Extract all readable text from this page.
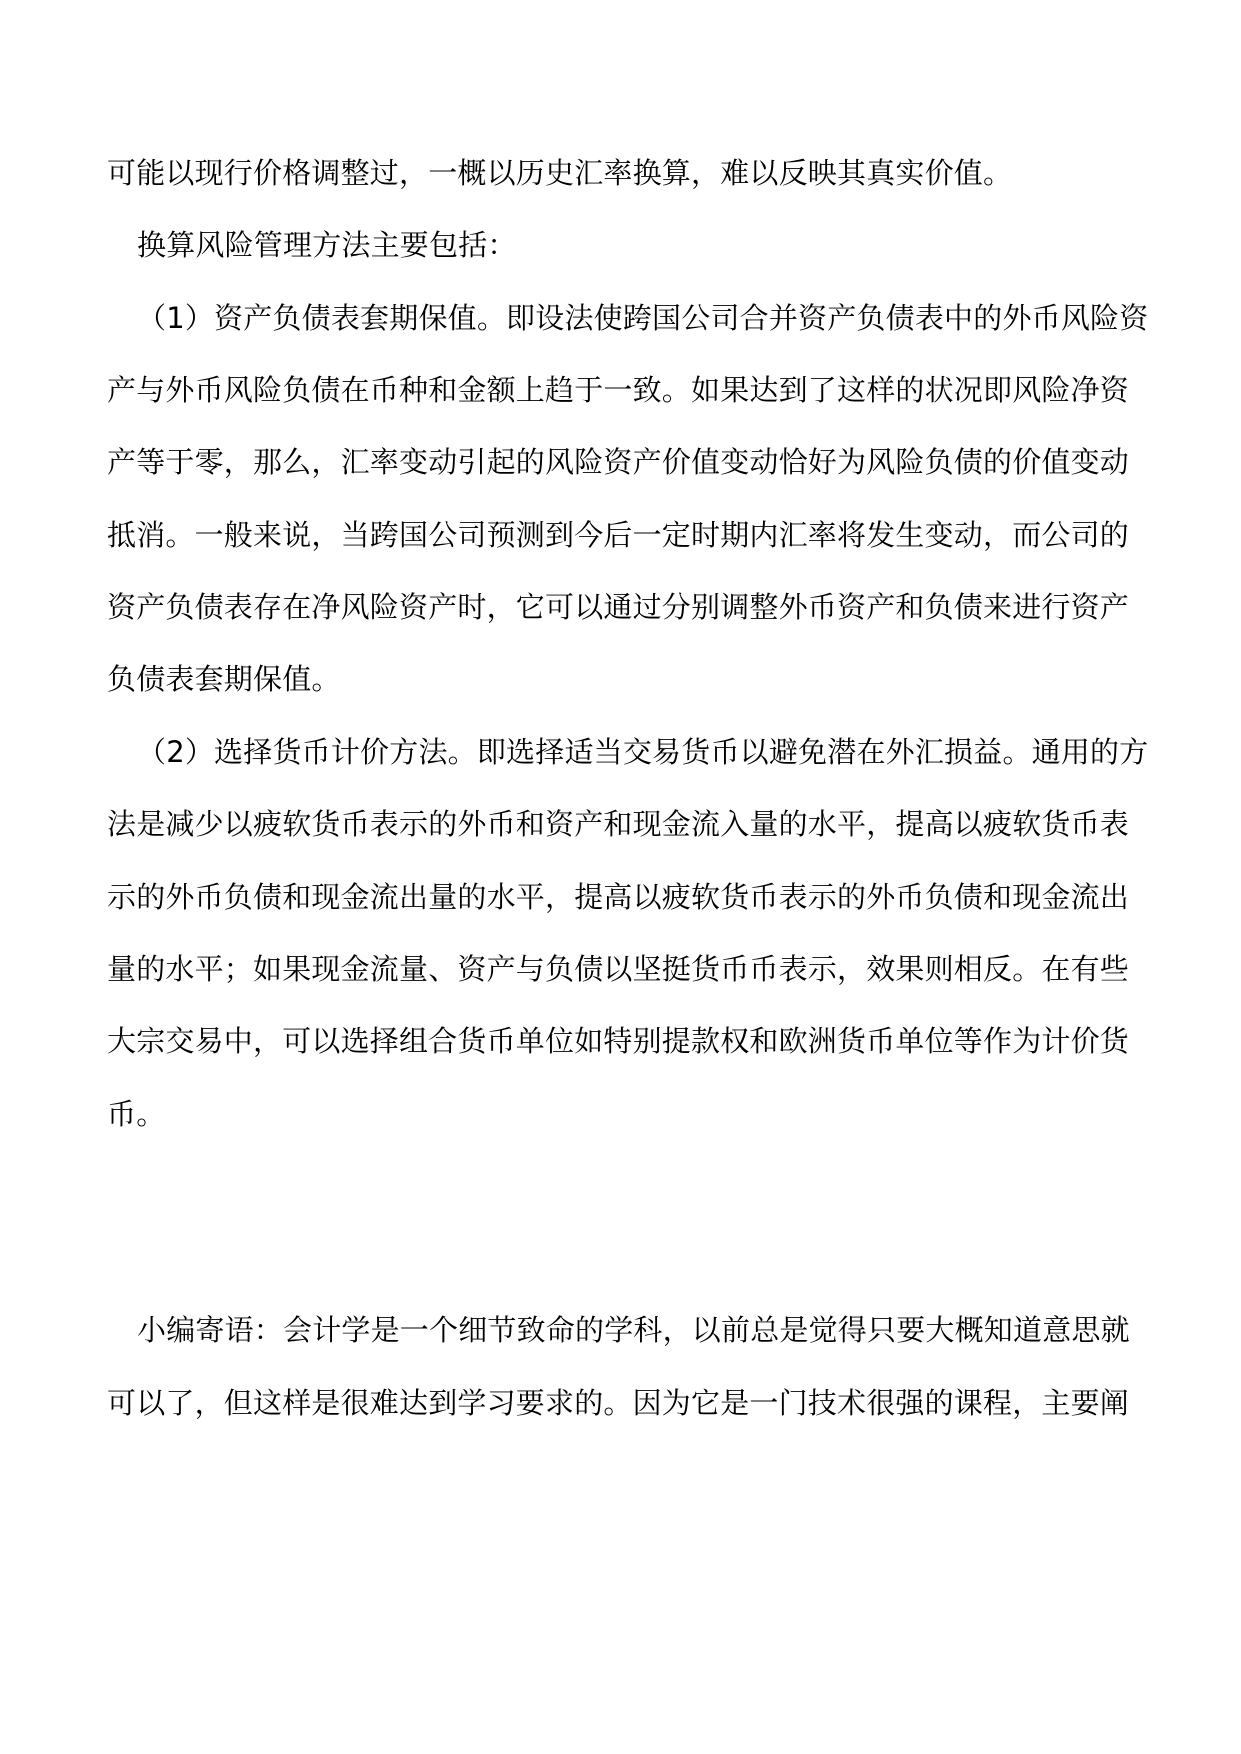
可能以现行价格调整过，一概以历史汇率换算，难以反映其真实价值。
换算风险管理方法主要包括：
（1）资产负债表套期保值。即设法使跨国公司合并资产负债表中的外币风险资
产与外币风险负债在币种和金额上趋于一致。如果达到了这样的状况即风险净资
产等于零，那么，汇率变动引起的风险资产价值变动恰好为风险负债的价值变动
抵消。一般来说，当跨国公司预测到今后一定时期内汇率将发生变动，而公司的
资产负债表存在净风险资产时，它可以通过分别调整外币资产和负债来进行资产
负债表套期保值。
（2）选择货币计价方法。即选择适当交易货币以避免潜在外汇损益。通用的方
法是减少以疲软货币表示的外币和资产和现金流入量的水平，提高以疲软货币表
示的外币负债和现金流出量的水平，提高以疲软货币表示的外币负债和现金流出
量的水平；如果现金流量、资产与负债以坚挺货币币表示，效果则相反。在有些
大宗交易中，可以选择组合货币单位如特别提款权和欧洲货币单位等作为计价货
币。
小编寄语：会计学是一个细节致命的学科，以前总是觉得只要大概知道意思就
可以了，但这样是很难达到学习要求的。因为它是一门技术很强的课程，主要阐
